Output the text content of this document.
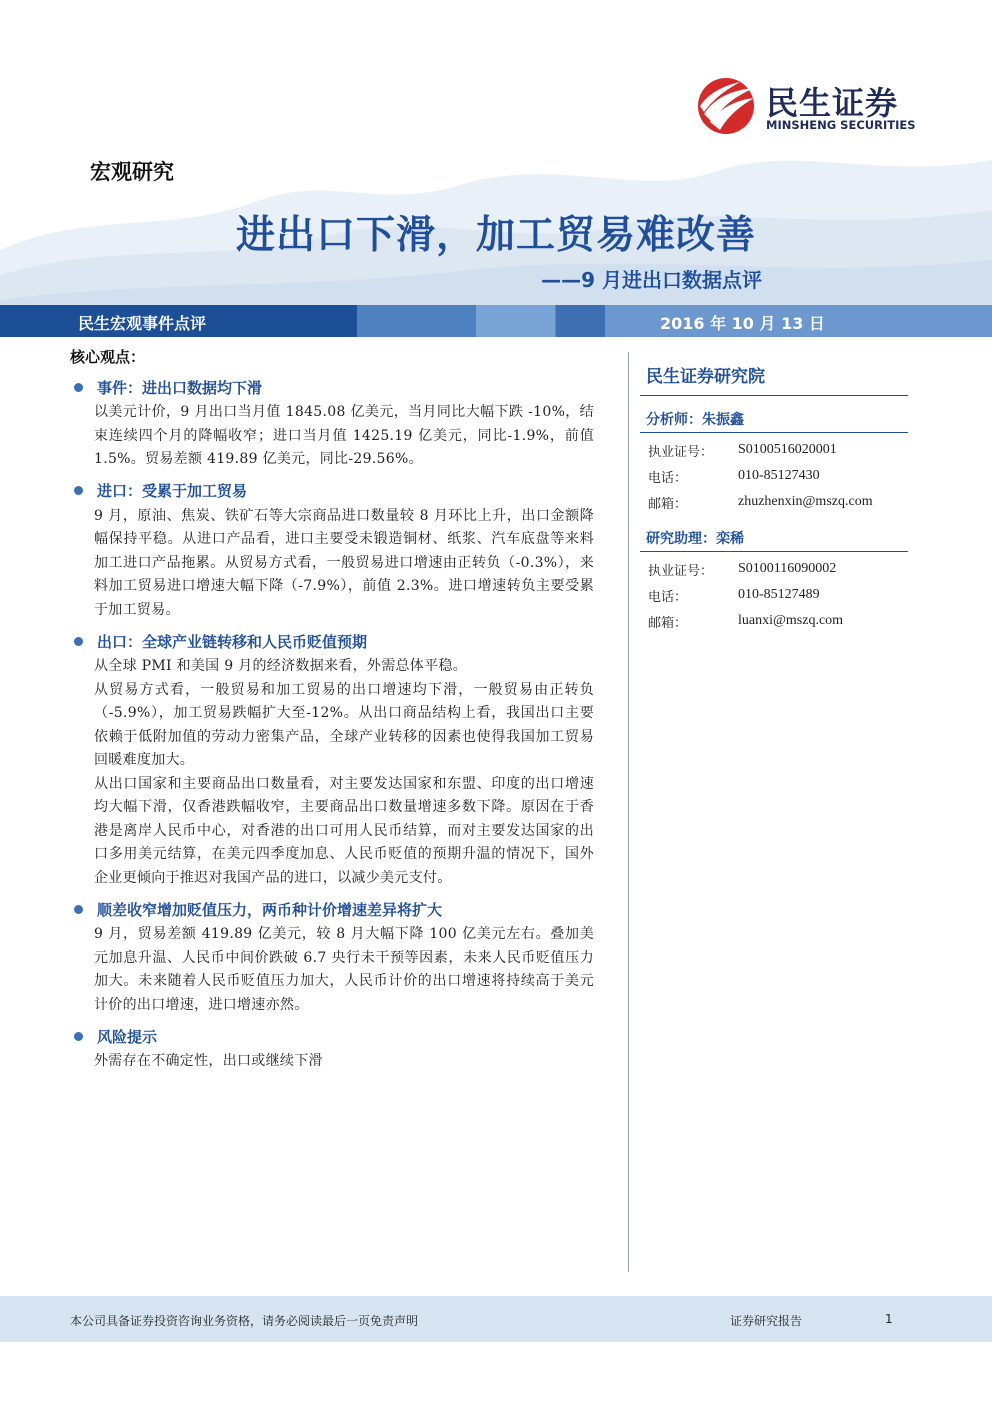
民生证券
MINSHENG SECURITIES
宏观研究
进出口下滑，加工贸易难改善
——9 月进出口数据点评
民生宏观事件点评	2016 年 10 月 13 日
核心观点：
事件：进出口数据均下滑
以美元计价，9 月出口当月值 1845.08 亿美元，当月同比大幅下跌 -10%，结束连续四个月的降幅收窄；进口当月值 1425.19 亿美元，同比-1.9%，前值 1.5%。贸易差额 419.89 亿美元，同比-29.56%。
进口：受累于加工贸易
9 月，原油、焦炭、铁矿石等大宗商品进口数量较 8 月环比上升，出口金额降幅保持平稳。从进口产品看，进口主要受未锻造铜材、纸浆、汽车底盘等来料加工进口产品拖累。从贸易方式看，一般贸易进口增速由正转负（-0.3%），来料加工贸易进口增速大幅下降（-7.9%），前值 2.3%。进口增速转负主要受累于加工贸易。
出口：全球产业链转移和人民币贬值预期
从全球 PMI 和美国 9 月的经济数据来看，外需总体平稳。
从贸易方式看，一般贸易和加工贸易的出口增速均下滑，一般贸易由正转负（-5.9%），加工贸易跌幅扩大至-12%。从出口商品结构上看，我国出口主要依赖于低附加值的劳动力密集产品，全球产业转移的因素也使得我国加工贸易回暖难度加大。
从出口国家和主要商品出口数量看，对主要发达国家和东盟、印度的出口增速均大幅下滑，仅香港跌幅收窄，主要商品出口数量增速多数下降。原因在于香港是离岸人民币中心，对香港的出口可用人民币结算，而对主要发达国家的出口多用美元结算，在美元四季度加息、人民币贬值的预期升温的情况下，国外企业更倾向于推迟对我国产品的进口，以减少美元支付。
顺差收窄增加贬值压力，两币种计价增速差异将扩大
9 月，贸易差额 419.89 亿美元，较 8 月大幅下降 100 亿美元左右。叠加美元加息升温、人民币中间价跌破 6.7 央行未干预等因素，未来人民币贬值压力加大。未来随着人民币贬值压力加大，人民币计价的出口增速将持续高于美元计价的出口增速，进口增速亦然。
风险提示
外需存在不确定性，出口或继续下滑
民生证券研究院
分析师：朱振鑫
执业证号：	S0100516020001
电话：	010-85127430
邮箱：	zhuzhenxin@mszq.com
研究助理：栾稀
执业证号：	S0100116090002
电话：	010-85127489
邮箱：	luanxi@mszq.com
本公司具备证券投资咨询业务资格，请务必阅读最后一页免责声明	证券研究报告	1
